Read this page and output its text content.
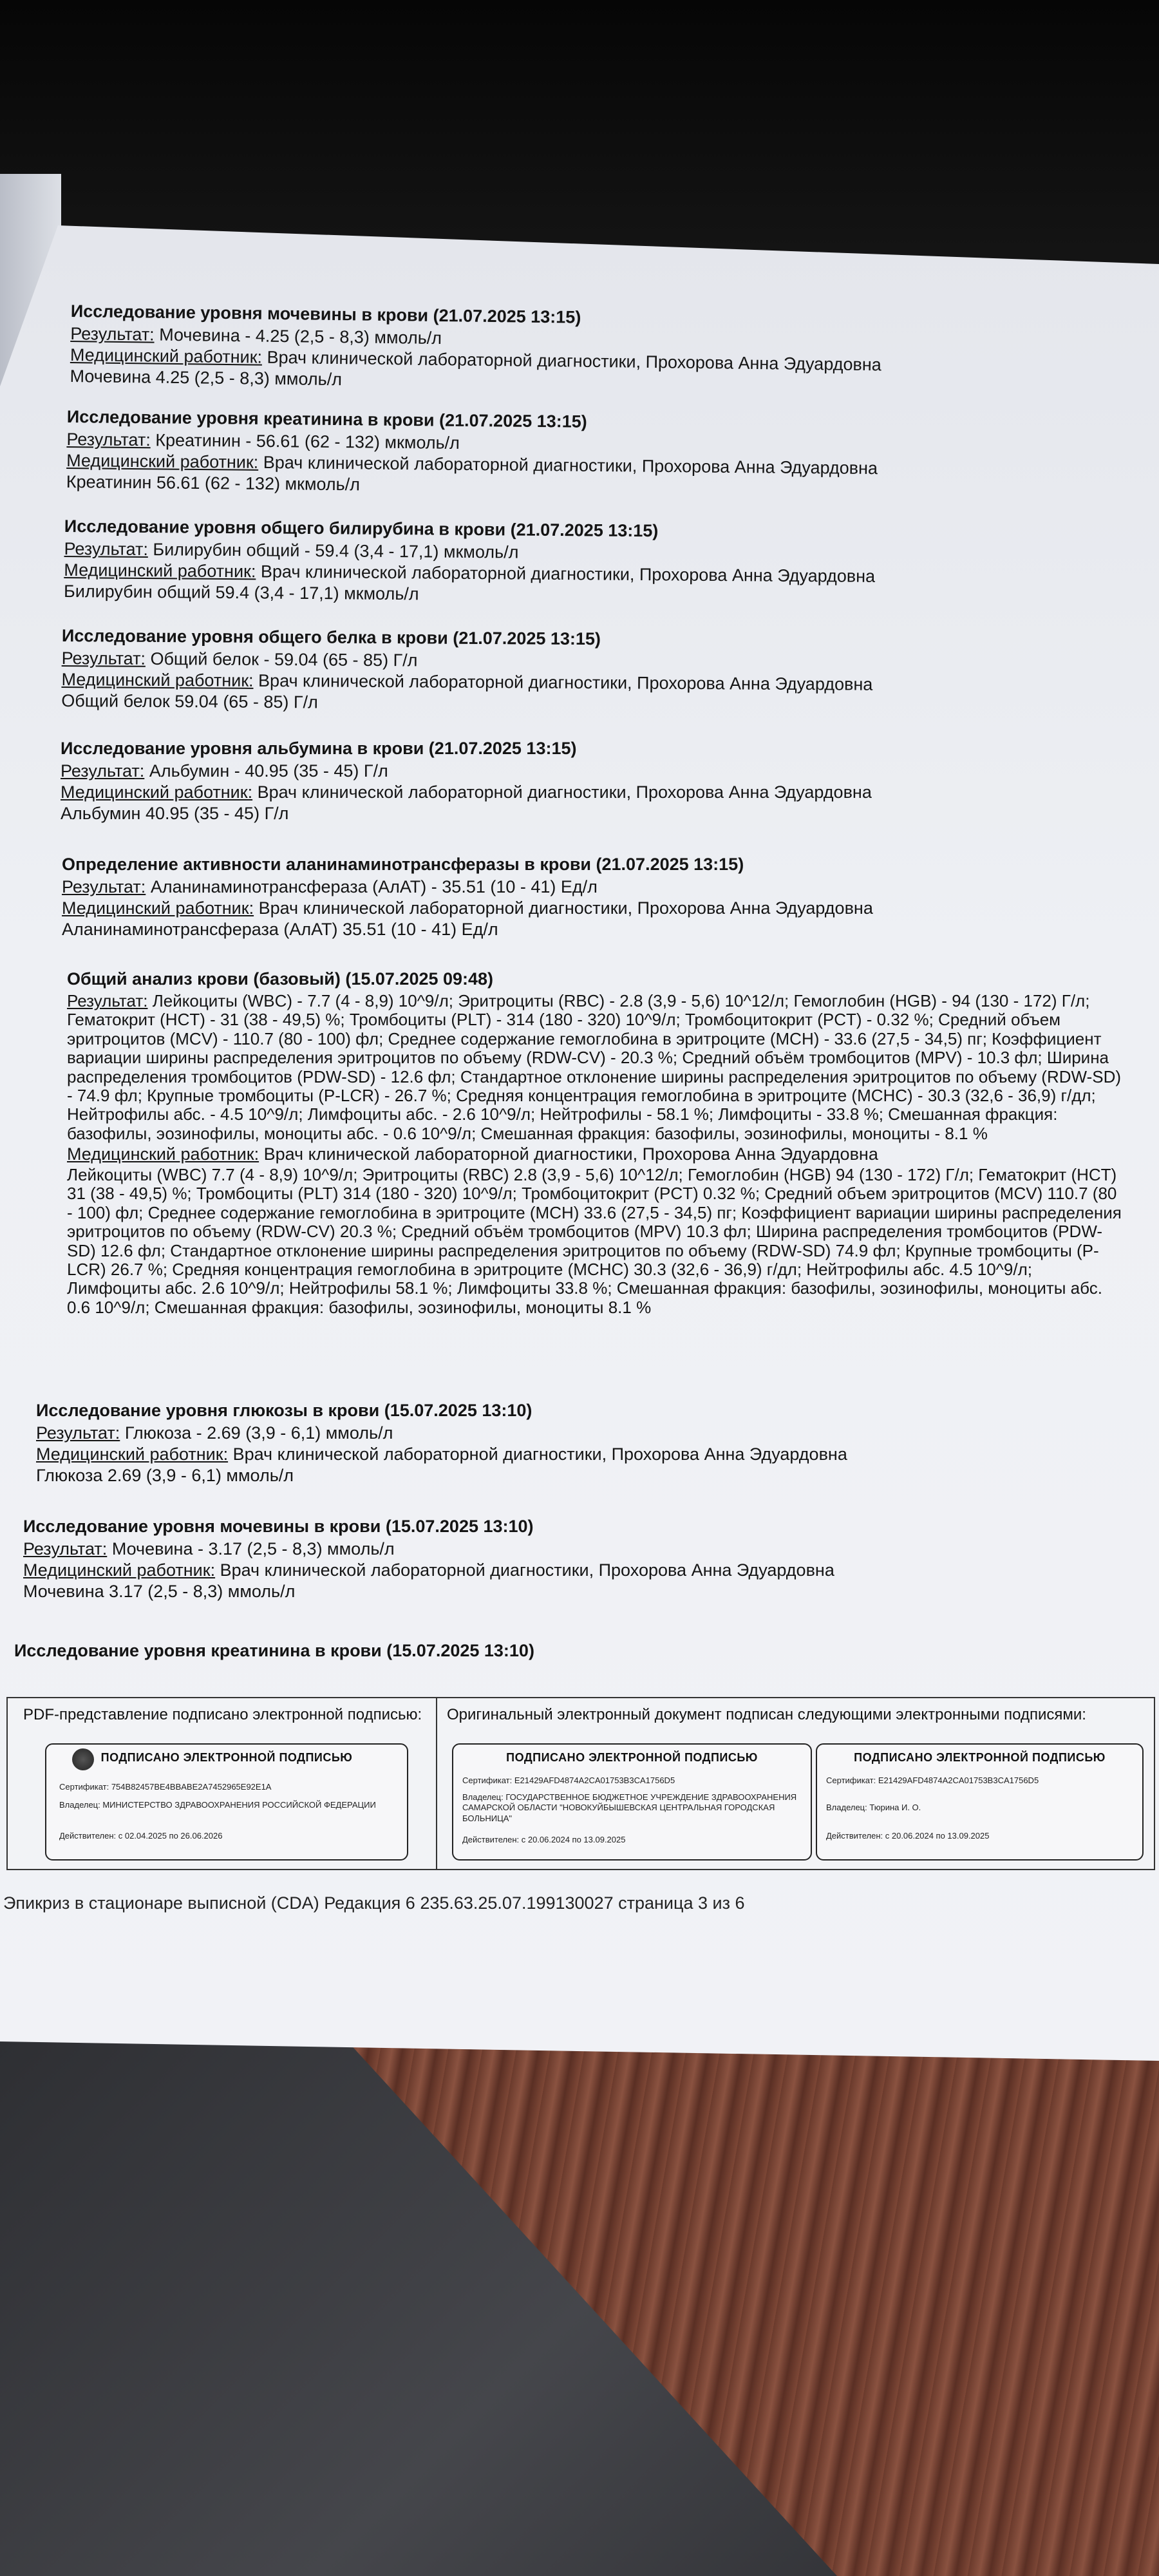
Исследование уровня мочевины в крови (21.07.2025 13:15)
Результат: Мочевина - 4.25 (2,5 - 8,3) ммоль/л
Медицинский работник: Врач клинической лабораторной диагностики, Прохорова Анна Эдуардовна
Мочевина 4.25 (2,5 - 8,3) ммоль/л
Исследование уровня креатинина в крови (21.07.2025 13:15)
Результат: Креатинин - 56.61 (62 - 132) мкмоль/л
Медицинский работник: Врач клинической лабораторной диагностики, Прохорова Анна Эдуардовна
Креатинин 56.61 (62 - 132) мкмоль/л
Исследование уровня общего билирубина в крови (21.07.2025 13:15)
Результат: Билирубин общий - 59.4 (3,4 - 17,1) мкмоль/л
Медицинский работник: Врач клинической лабораторной диагностики, Прохорова Анна Эдуардовна
Билирубин общий 59.4 (3,4 - 17,1) мкмоль/л
Исследование уровня общего белка в крови (21.07.2025 13:15)
Результат: Общий белок - 59.04 (65 - 85) Г/л
Медицинский работник: Врач клинической лабораторной диагностики, Прохорова Анна Эдуардовна
Общий белок 59.04 (65 - 85) Г/л
Исследование уровня альбумина в крови (21.07.2025 13:15)
Результат: Альбумин - 40.95 (35 - 45) Г/л
Медицинский работник: Врач клинической лабораторной диагностики, Прохорова Анна Эдуардовна
Альбумин 40.95 (35 - 45) Г/л
Определение активности аланинаминотрансферазы в крови (21.07.2025 13:15)
Результат: Аланинаминотрансфераза (АлАТ) - 35.51 (10 - 41) Ед/л
Медицинский работник: Врач клинической лабораторной диагностики, Прохорова Анна Эдуардовна
Аланинаминотрансфераза (АлАТ) 35.51 (10 - 41) Ед/л
Общий анализ крови (базовый) (15.07.2025 09:48)
Результат: Лейкоциты (WBC) - 7.7 (4 - 8,9) 10^9/л; Эритроциты (RBC) - 2.8 (3,9 - 5,6) 10^12/л; Гемоглобин (HGB) - 94 (130 - 172) Г/л; Гематокрит (HCT) - 31 (38 - 49,5) %; Тромбоциты (PLT) - 314 (180 - 320) 10^9/л; Тромбоцитокрит (PCT) - 0.32 %; Средний объем эритроцитов (MCV) - 110.7 (80 - 100) фл; Среднее содержание гемоглобина в эритроците (MCH) - 33.6 (27,5 - 34,5) пг; Коэффициент вариации ширины распределения эритроцитов по объему (RDW-CV) - 20.3 %; Средний объём тромбоцитов (MPV) - 10.3 фл; Ширина распределения тромбоцитов (PDW-SD) - 12.6 фл; Стандартное отклонение ширины распределения эритроцитов по объему (RDW-SD) - 74.9 фл; Крупные тромбоциты (P-LCR) - 26.7 %; Средняя концентрация гемоглобина в эритроците (MCHC) - 30.3 (32,6 - 36,9) г/дл; Нейтрофилы абс. - 4.5 10^9/л; Лимфоциты абс. - 2.6 10^9/л; Нейтрофилы - 58.1 %; Лимфоциты - 33.8 %; Смешанная фракция: базофилы, эозинофилы, моноциты абс. - 0.6 10^9/л; Смешанная фракция: базофилы, эозинофилы, моноциты - 8.1 %
Медицинский работник: Врач клинической лабораторной диагностики, Прохорова Анна Эдуардовна
Лейкоциты (WBC) 7.7 (4 - 8,9) 10^9/л; Эритроциты (RBC) 2.8 (3,9 - 5,6) 10^12/л; Гемоглобин (HGB) 94 (130 - 172) Г/л; Гематокрит (HCT) 31 (38 - 49,5) %; Тромбоциты (PLT) 314 (180 - 320) 10^9/л; Тромбоцитокрит (PCT) 0.32 %; Средний объем эритроцитов (MCV) 110.7 (80 - 100) фл; Среднее содержание гемоглобина в эритроците (MCH) 33.6 (27,5 - 34,5) пг; Коэффициент вариации ширины распределения эритроцитов по объему (RDW-CV) 20.3 %; Средний объём тромбоцитов (MPV) 10.3 фл; Ширина распределения тромбоцитов (PDW-SD) 12.6 фл; Стандартное отклонение ширины распределения эритроцитов по объему (RDW-SD) 74.9 фл; Крупные тромбоциты (P-LCR) 26.7 %; Средняя концентрация гемоглобина в эритроците (MCHC) 30.3 (32,6 - 36,9) г/дл; Нейтрофилы абс. 4.5 10^9/л; Лимфоциты абс. 2.6 10^9/л; Нейтрофилы 58.1 %; Лимфоциты 33.8 %; Смешанная фракция: базофилы, эозинофилы, моноциты абс. 0.6 10^9/л; Смешанная фракция: базофилы, эозинофилы, моноциты 8.1 %
Исследование уровня глюкозы в крови (15.07.2025 13:10)
Результат: Глюкоза - 2.69 (3,9 - 6,1) ммоль/л
Медицинский работник: Врач клинической лабораторной диагностики, Прохорова Анна Эдуардовна
Глюкоза 2.69 (3,9 - 6,1) ммоль/л
Исследование уровня мочевины в крови (15.07.2025 13:10)
Результат: Мочевина - 3.17 (2,5 - 8,3) ммоль/л
Медицинский работник: Врач клинической лабораторной диагностики, Прохорова Анна Эдуардовна
Мочевина 3.17 (2,5 - 8,3) ммоль/л
Исследование уровня креатинина в крови (15.07.2025 13:10)
PDF-представление подписано электронной подписью: Оригинальный электронный документ подписан следующими электронными подписями:
ПОДПИСАНО ЭЛЕКТРОННОЙ ПОДПИСЬЮ
Сертификат: 754B82457BE4BBABE2A7452965E92E1A
Владелец: МИНИСТЕРСТВО ЗДРАВООХРАНЕНИЯ РОССИЙСКОЙ ФЕДЕРАЦИИ
Действителен: с 02.04.2025 по 26.06.2026
ПОДПИСАНО ЭЛЕКТРОННОЙ ПОДПИСЬЮ
Сертификат: E21429AFD4874A2CA01753B3CA1756D5
Владелец: ГОСУДАРСТВЕННОЕ БЮДЖЕТНОЕ УЧРЕЖДЕНИЕ ЗДРАВООХРАНЕНИЯ САМАРСКОЙ ОБЛАСТИ "НОВОКУЙБЫШЕВСКАЯ ЦЕНТРАЛЬНАЯ ГОРОДСКАЯ БОЛЬНИЦА"
Действителен: с 20.06.2024 по 13.09.2025
ПОДПИСАНО ЭЛЕКТРОННОЙ ПОДПИСЬЮ
Сертификат: E21429AFD4874A2CA01753B3CA1756D5
Владелец: Тюрина И. О.
Действителен: с 20.06.2024 по 13.09.2025
Эпикриз в стационаре выписной (CDA) Редакция 6 235.63.25.07.199130027 страница 3 из 6
